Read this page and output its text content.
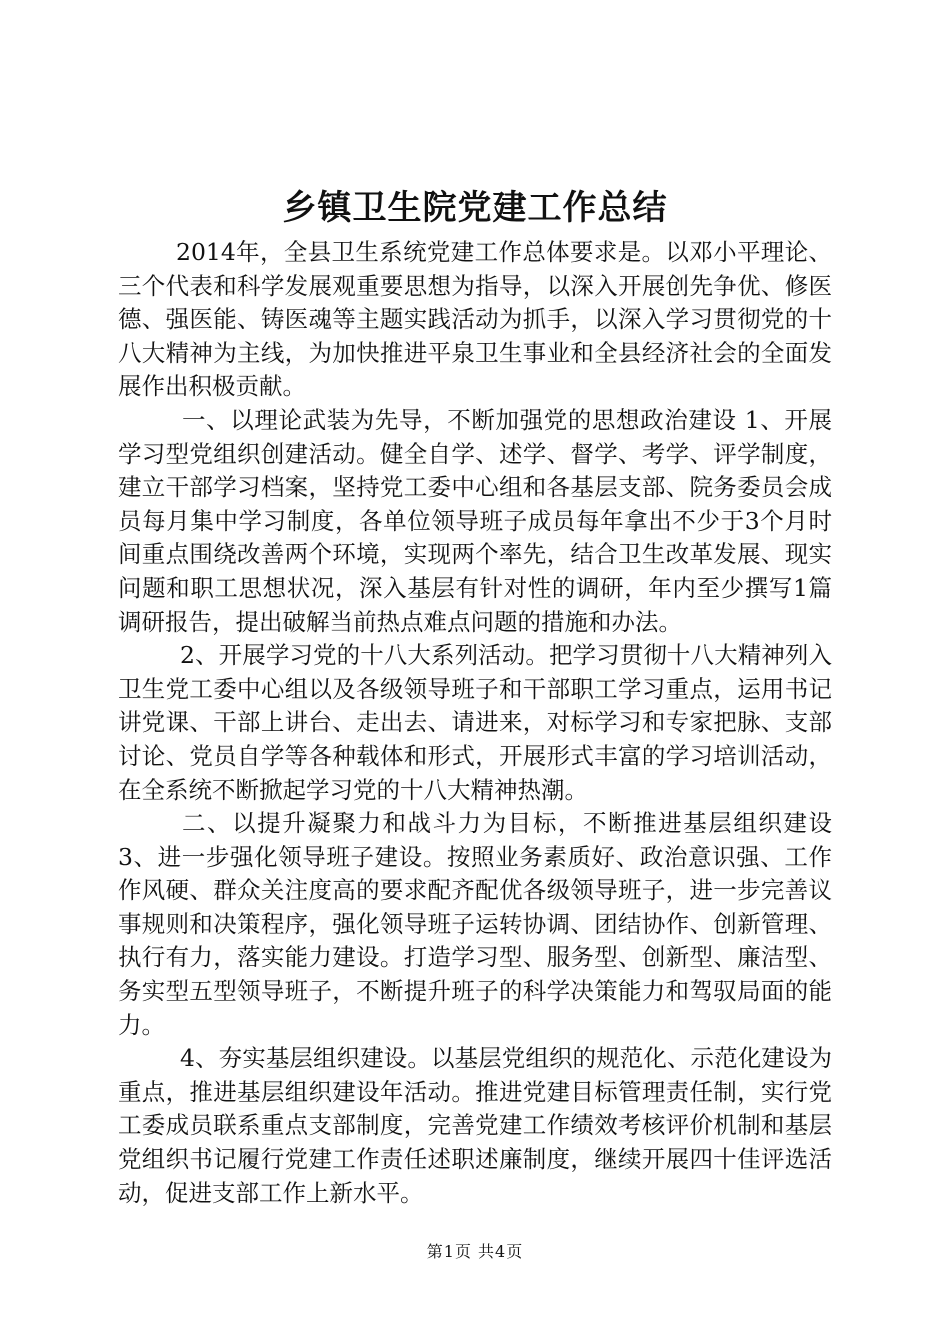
乡镇卫生院党建工作总结

2014年，全县卫生系统党建工作总体要求是。以邓小平理论、三个代表和科学发展观重要思想为指导，以深入开展创先争优、修医德、强医能、铸医魂等主题实践活动为抓手，以深入学习贯彻党的十八大精神为主线，为加快推进平泉卫生事业和全县经济社会的全面发展作出积极贡献。

一、以理论武装为先导，不断加强党的思想政治建设 1、开展学习型党组织创建活动。健全自学、述学、督学、考学、评学制度，建立干部学习档案，坚持党工委中心组和各基层支部、院务委员会成员每月集中学习制度，各单位领导班子成员每年拿出不少于3个月时间重点围绕改善两个环境，实现两个率先，结合卫生改革发展、现实问题和职工思想状况，深入基层有针对性的调研，年内至少撰写1篇调研报告，提出破解当前热点难点问题的措施和办法。

2、开展学习党的十八大系列活动。把学习贯彻十八大精神列入卫生党工委中心组以及各级领导班子和干部职工学习重点，运用书记讲党课、干部上讲台、走出去、请进来，对标学习和专家把脉、支部讨论、党员自学等各种载体和形式，开展形式丰富的学习培训活动，在全系统不断掀起学习党的十八大精神热潮。

二、以提升凝聚力和战斗力为目标，不断推进基层组织建设 3、进一步强化领导班子建设。按照业务素质好、政治意识强、工作作风硬、群众关注度高的要求配齐配优各级领导班子，进一步完善议事规则和决策程序，强化领导班子运转协调、团结协作、创新管理、执行有力，落实能力建设。打造学习型、服务型、创新型、廉洁型、务实型五型领导班子，不断提升班子的科学决策能力和驾驭局面的能力。

4、夯实基层组织建设。以基层党组织的规范化、示范化建设为重点，推进基层组织建设年活动。推进党建目标管理责任制，实行党工委成员联系重点支部制度，完善党建工作绩效考核评价机制和基层党组织书记履行党建工作责任述职述廉制度，继续开展四十佳评选活动，促进支部工作上新水平。

第1页 共4页
